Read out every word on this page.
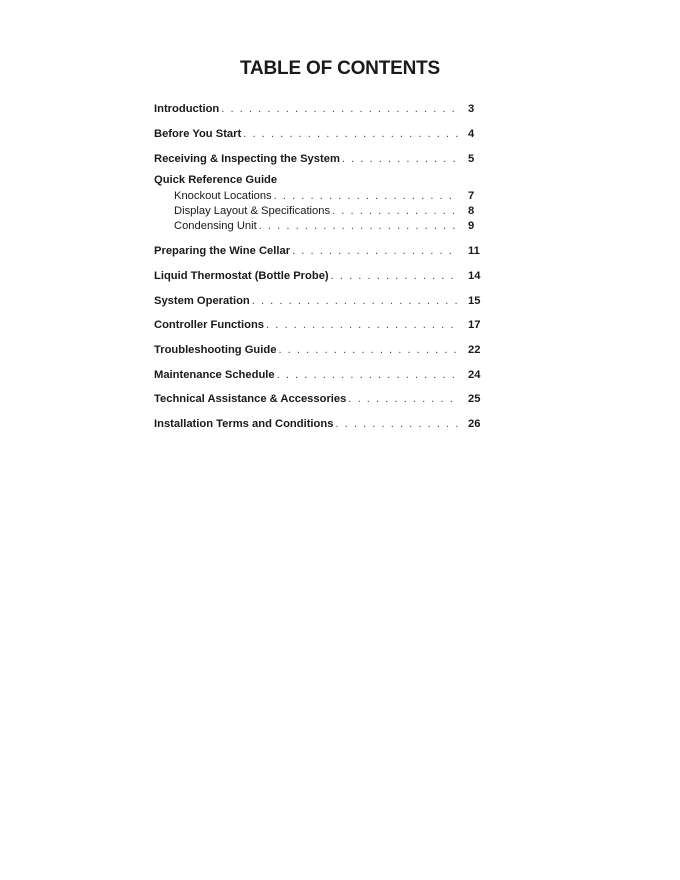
TABLE OF CONTENTS
Introduction . . .	3
Before You Start . . .	4
Receiving & Inspecting the System . . .	5
Quick Reference Guide
Knockout Locations . . .	7
Display Layout & Specifications . . .	8
Condensing Unit . . .	9
Preparing the Wine Cellar . . .	11
Liquid Thermostat (Bottle Probe) . . .	14
System Operation . . .	15
Controller Functions . . .	17
Troubleshooting Guide . . .	22
Maintenance Schedule . . .	24
Technical Assistance & Accessories . . .	25
Installation Terms and Conditions . . .	26
